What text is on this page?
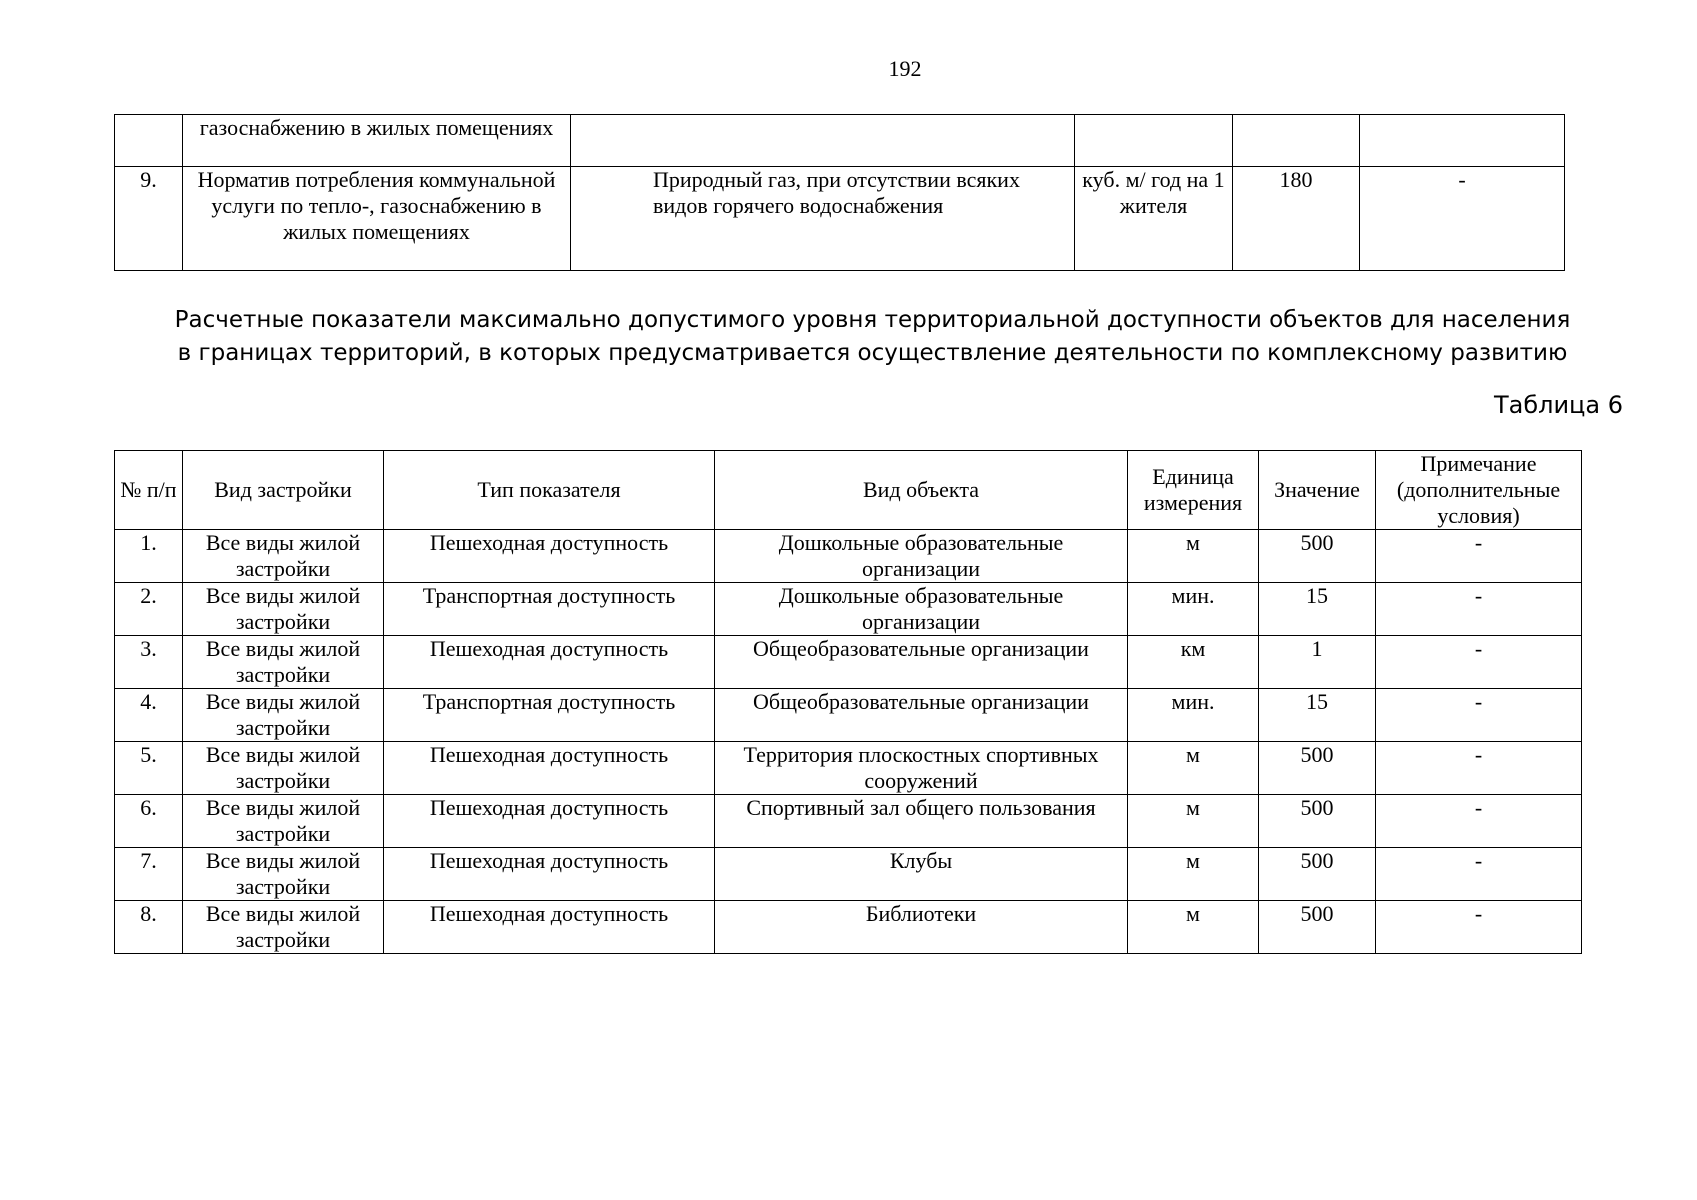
192
	газоснабжению в жилых помещениях				
9.	Норматив потребления коммунальной услуги по тепло-, газоснабжению в жилых помещениях	Природный газ, при отсутствии всяких видов горячего водоснабжения	куб. м/ год на 1 жителя	180	-
Расчетные показатели максимально допустимого уровня территориальной доступности объектов для населения
в границах территорий, в которых предусматривается осуществление деятельности по комплексному развитию
Таблица 6
№ п/п	Вид застройки	Тип показателя	Вид объекта	Единица измерения	Значение	Примечание (дополнительные условия)
1.	Все виды жилой застройки	Пешеходная доступность	Дошкольные образовательные организации	м	500	-
2.	Все виды жилой застройки	Транспортная доступность	Дошкольные образовательные организации	мин.	15	-
3.	Все виды жилой застройки	Пешеходная доступность	Общеобразовательные организации	км	1	-
4.	Все виды жилой застройки	Транспортная доступность	Общеобразовательные организации	мин.	15	-
5.	Все виды жилой застройки	Пешеходная доступность	Территория плоскостных спортивных сооружений	м	500	-
6.	Все виды жилой застройки	Пешеходная доступность	Спортивный зал общего пользования	м	500	-
7.	Все виды жилой застройки	Пешеходная доступность	Клубы	м	500	-
8.	Все виды жилой застройки	Пешеходная доступность	Библиотеки	м	500	-
